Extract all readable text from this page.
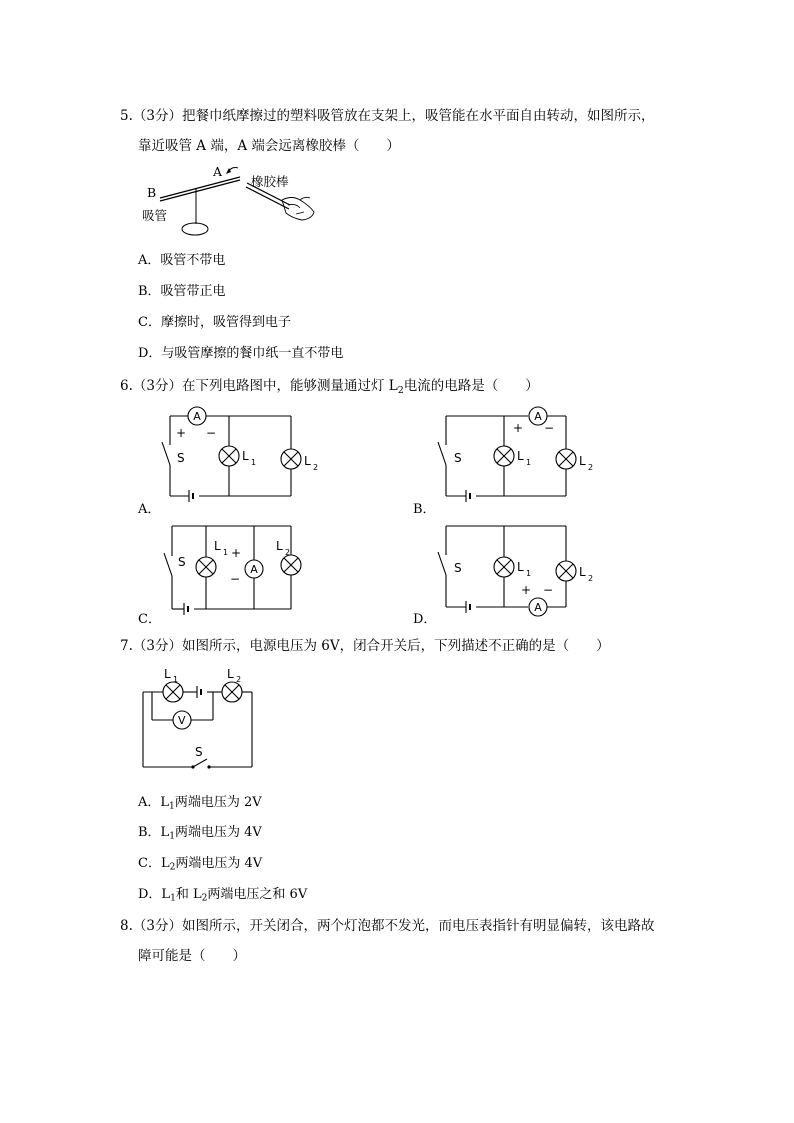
5.（3分）把餐巾纸摩擦过的塑料吸管放在支架上，吸管能在水平面自由转动，如图所示，
靠近吸管 A 端，A 端会远离橡胶棒（　　）
A
B
吸管
橡胶棒
A．吸管不带电
B．吸管带正电
C．摩擦时，吸管得到电子
D．与吸管摩擦的餐巾纸一直不带电
6.（3分）在下列电路图中，能够测量通过灯 $L_2$电流的电路是（　　）
A	A
A
A
+ −
S	L 1	L 2
+ −
S	L 1	L 2
S
L 1 +
−
L 2
S	L 1	L 2
+ −
A．	B．
C．	D．
7.（3分）如图所示，电源电压为 6V，闭合开关后，下列描述不正确的是（　　）
V
L 1	L 2
S
A．$L_1$两端电压为 2V
B．$L_1$两端电压为 4V
C．$L_2$两端电压为 4V
D．$L_1$和 $L_2$两端电压之和 6V
8.（3分）如图所示，开关闭合，两个灯泡都不发光，而电压表指针有明显偏转，该电路故
障可能是（　　）
